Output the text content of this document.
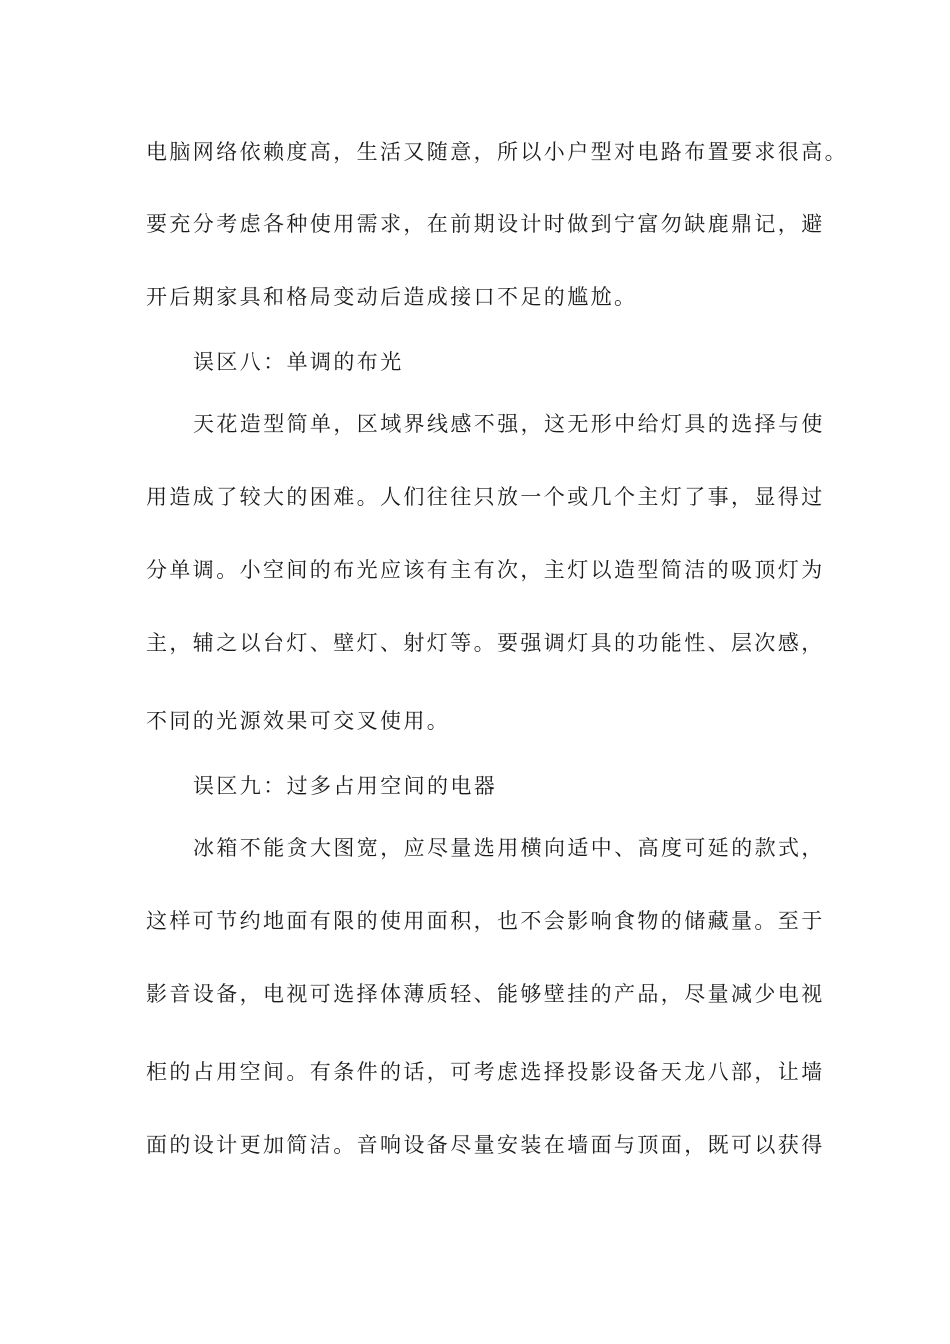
电脑网络依赖度高，生活又随意，所以小户型对电路布置要求很高。
要充分考虑各种使用需求，在前期设计时做到宁富勿缺鹿鼎记，避
开后期家具和格局变动后造成接口不足的尴尬。
误区八：单调的布光
天花造型简单，区域界线感不强，这无形中给灯具的选择与使
用造成了较大的困难。人们往往只放一个或几个主灯了事，显得过
分单调。小空间的布光应该有主有次，主灯以造型简洁的吸顶灯为
主，辅之以台灯、壁灯、射灯等。要强调灯具的功能性、层次感，
不同的光源效果可交叉使用。
误区九：过多占用空间的电器
冰箱不能贪大图宽，应尽量选用横向适中、高度可延的款式，
这样可节约地面有限的使用面积，也不会影响食物的储藏量。至于
影音设备，电视可选择体薄质轻、能够壁挂的产品，尽量减少电视
柜的占用空间。有条件的话，可考虑选择投影设备天龙八部，让墙
面的设计更加简洁。音响设备尽量安装在墙面与顶面，既可以获得
